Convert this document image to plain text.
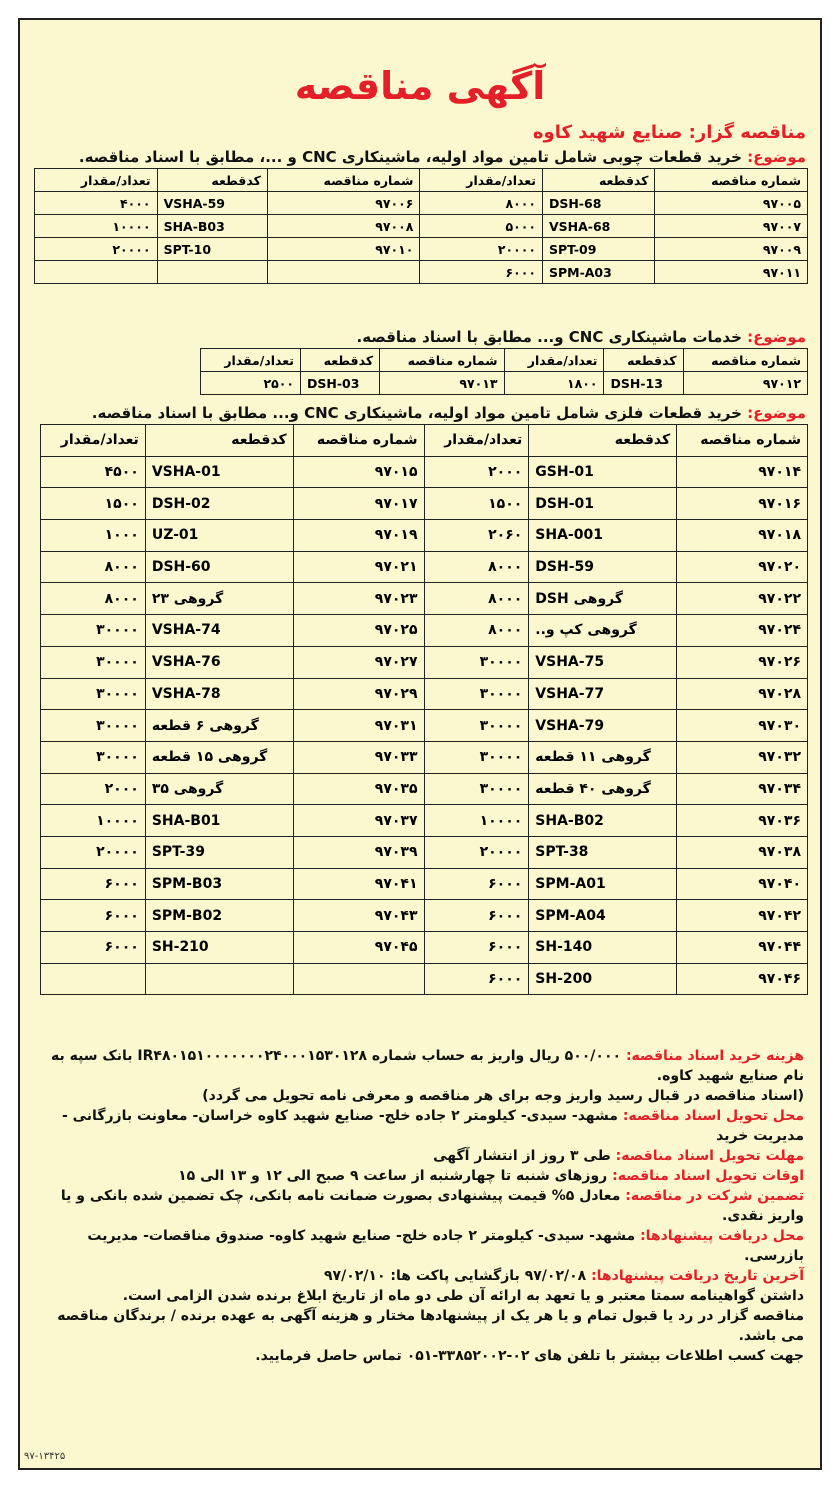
آگهی مناقصه
مناقصه گزار: صنایع شهید کاوه
موضوع: خرید قطعات چوبی شامل تامین مواد اولیه، ماشینکاری CNC و ...، مطابق با اسناد مناقصه.
شماره مناقصه	کدقطعه	تعداد/مقدار	شماره مناقصه	کدقطعه	تعداد/مقدار
۹۷۰۰۵	DSH-68	۸۰۰۰	۹۷۰۰۶	VSHA-59	۴۰۰۰
۹۷۰۰۷	VSHA-68	۵۰۰۰	۹۷۰۰۸	SHA-B03	۱۰۰۰۰
۹۷۰۰۹	SPT-09	۲۰۰۰۰	۹۷۰۱۰	SPT-10	۲۰۰۰۰
۹۷۰۱۱	SPM-A03	۶۰۰۰			
موضوع: خدمات ماشینکاری CNC و... مطابق با اسناد مناقصه.
شماره مناقصه	کدقطعه	تعداد/مقدار	شماره مناقصه	کدقطعه	تعداد/مقدار
۹۷۰۱۲	DSH-13	۱۸۰۰	۹۷۰۱۳	DSH-03	۲۵۰۰
موضوع: خرید قطعات فلزی شامل تامین مواد اولیه، ماشینکاری CNC و... مطابق با اسناد مناقصه.
شماره مناقصه	کدقطعه	تعداد/مقدار	شماره مناقصه	کدقطعه	تعداد/مقدار
۹۷۰۱۴	GSH-01	۲۰۰۰	۹۷۰۱۵	VSHA-01	۴۵۰۰
۹۷۰۱۶	DSH-01	۱۵۰۰	۹۷۰۱۷	DSH-02	۱۵۰۰
۹۷۰۱۸	SHA-001	۲۰۶۰	۹۷۰۱۹	UZ-01	۱۰۰۰
۹۷۰۲۰	DSH-59	۸۰۰۰	۹۷۰۲۱	DSH-60	۸۰۰۰
۹۷۰۲۲	گروهی DSH	۸۰۰۰	۹۷۰۲۳	گروهی ۲۳	۸۰۰۰
۹۷۰۲۴	گروهی کپ و..	۸۰۰۰	۹۷۰۲۵	VSHA-74	۳۰۰۰۰
۹۷۰۲۶	VSHA-75	۳۰۰۰۰	۹۷۰۲۷	VSHA-76	۳۰۰۰۰
۹۷۰۲۸	VSHA-77	۳۰۰۰۰	۹۷۰۲۹	VSHA-78	۳۰۰۰۰
۹۷۰۳۰	VSHA-79	۳۰۰۰۰	۹۷۰۳۱	گروهی ۶ قطعه	۳۰۰۰۰
۹۷۰۳۲	گروهی ۱۱ قطعه	۳۰۰۰۰	۹۷۰۳۳	گروهی ۱۵ قطعه	۳۰۰۰۰
۹۷۰۳۴	گروهی ۴۰ قطعه	۳۰۰۰۰	۹۷۰۳۵	گروهی ۳۵	۲۰۰۰
۹۷۰۳۶	SHA-B02	۱۰۰۰۰	۹۷۰۳۷	SHA-B01	۱۰۰۰۰
۹۷۰۳۸	SPT-38	۲۰۰۰۰	۹۷۰۳۹	SPT-39	۲۰۰۰۰
۹۷۰۴۰	SPM-A01	۶۰۰۰	۹۷۰۴۱	SPM-B03	۶۰۰۰
۹۷۰۴۲	SPM-A04	۶۰۰۰	۹۷۰۴۳	SPM-B02	۶۰۰۰
۹۷۰۴۴	SH-140	۶۰۰۰	۹۷۰۴۵	SH-210	۶۰۰۰
۹۷۰۴۶	SH-200	۶۰۰۰			

هزینه خرید اسناد مناقصه: ۵۰۰/۰۰۰ ریال واریز به حساب شماره IR۴۸۰۱۵۱۰۰۰۰۰۰۰۲۴۰۰۰۱۵۳۰۱۲۸ بانک سپه به نام صنایع شهید کاوه.

(اسناد مناقصه در قبال رسید واریز وجه برای هر مناقصه و معرفی نامه تحویل می گردد)

محل تحویل اسناد مناقصه: مشهد- سیدی- کیلومتر ۲ جاده خلج- صنایع شهید کاوه خراسان- معاونت بازرگانی - مدیریت خرید

مهلت تحویل اسناد مناقصه: طی ۳ روز از انتشار آگهی

اوقات تحویل اسناد مناقصه: روزهای شنبه تا چهارشنبه از ساعت ۹ صبح الی ۱۲ و ۱۳ الی ۱۵

تضمین شرکت در مناقصه: معادل ۵% قیمت پیشنهادی بصورت ضمانت نامه بانکی، چک تضمین شده بانکی و یا واریز نقدی.

محل دریافت پیشنهادها: مشهد- سیدی- کیلومتر ۲ جاده خلج- صنایع شهید کاوه- صندوق مناقصات- مدیریت بازرسی.

آخرین تاریخ دریافت پیشنهادها: ۹۷/۰۲/۰۸ بازگشایی پاکت ها: ۹۷/۰۲/۱۰

داشتن گواهینامه سمتا معتبر و یا تعهد به ارائه آن طی دو ماه از تاریخ ابلاغ برنده شدن الزامی است.

مناقصه گزار در رد یا قبول تمام و یا هر یک از پیشنهادها مختار و هزینه آگهی به عهده برنده / برندگان مناقصه می باشد.

جهت کسب اطلاعات بیشتر با تلفن های ۰۲-۳۳۸۵۲۰۰۲-۰۵۱ تماس حاصل فرمایید.

۹۷-۱۳۴۲۵
